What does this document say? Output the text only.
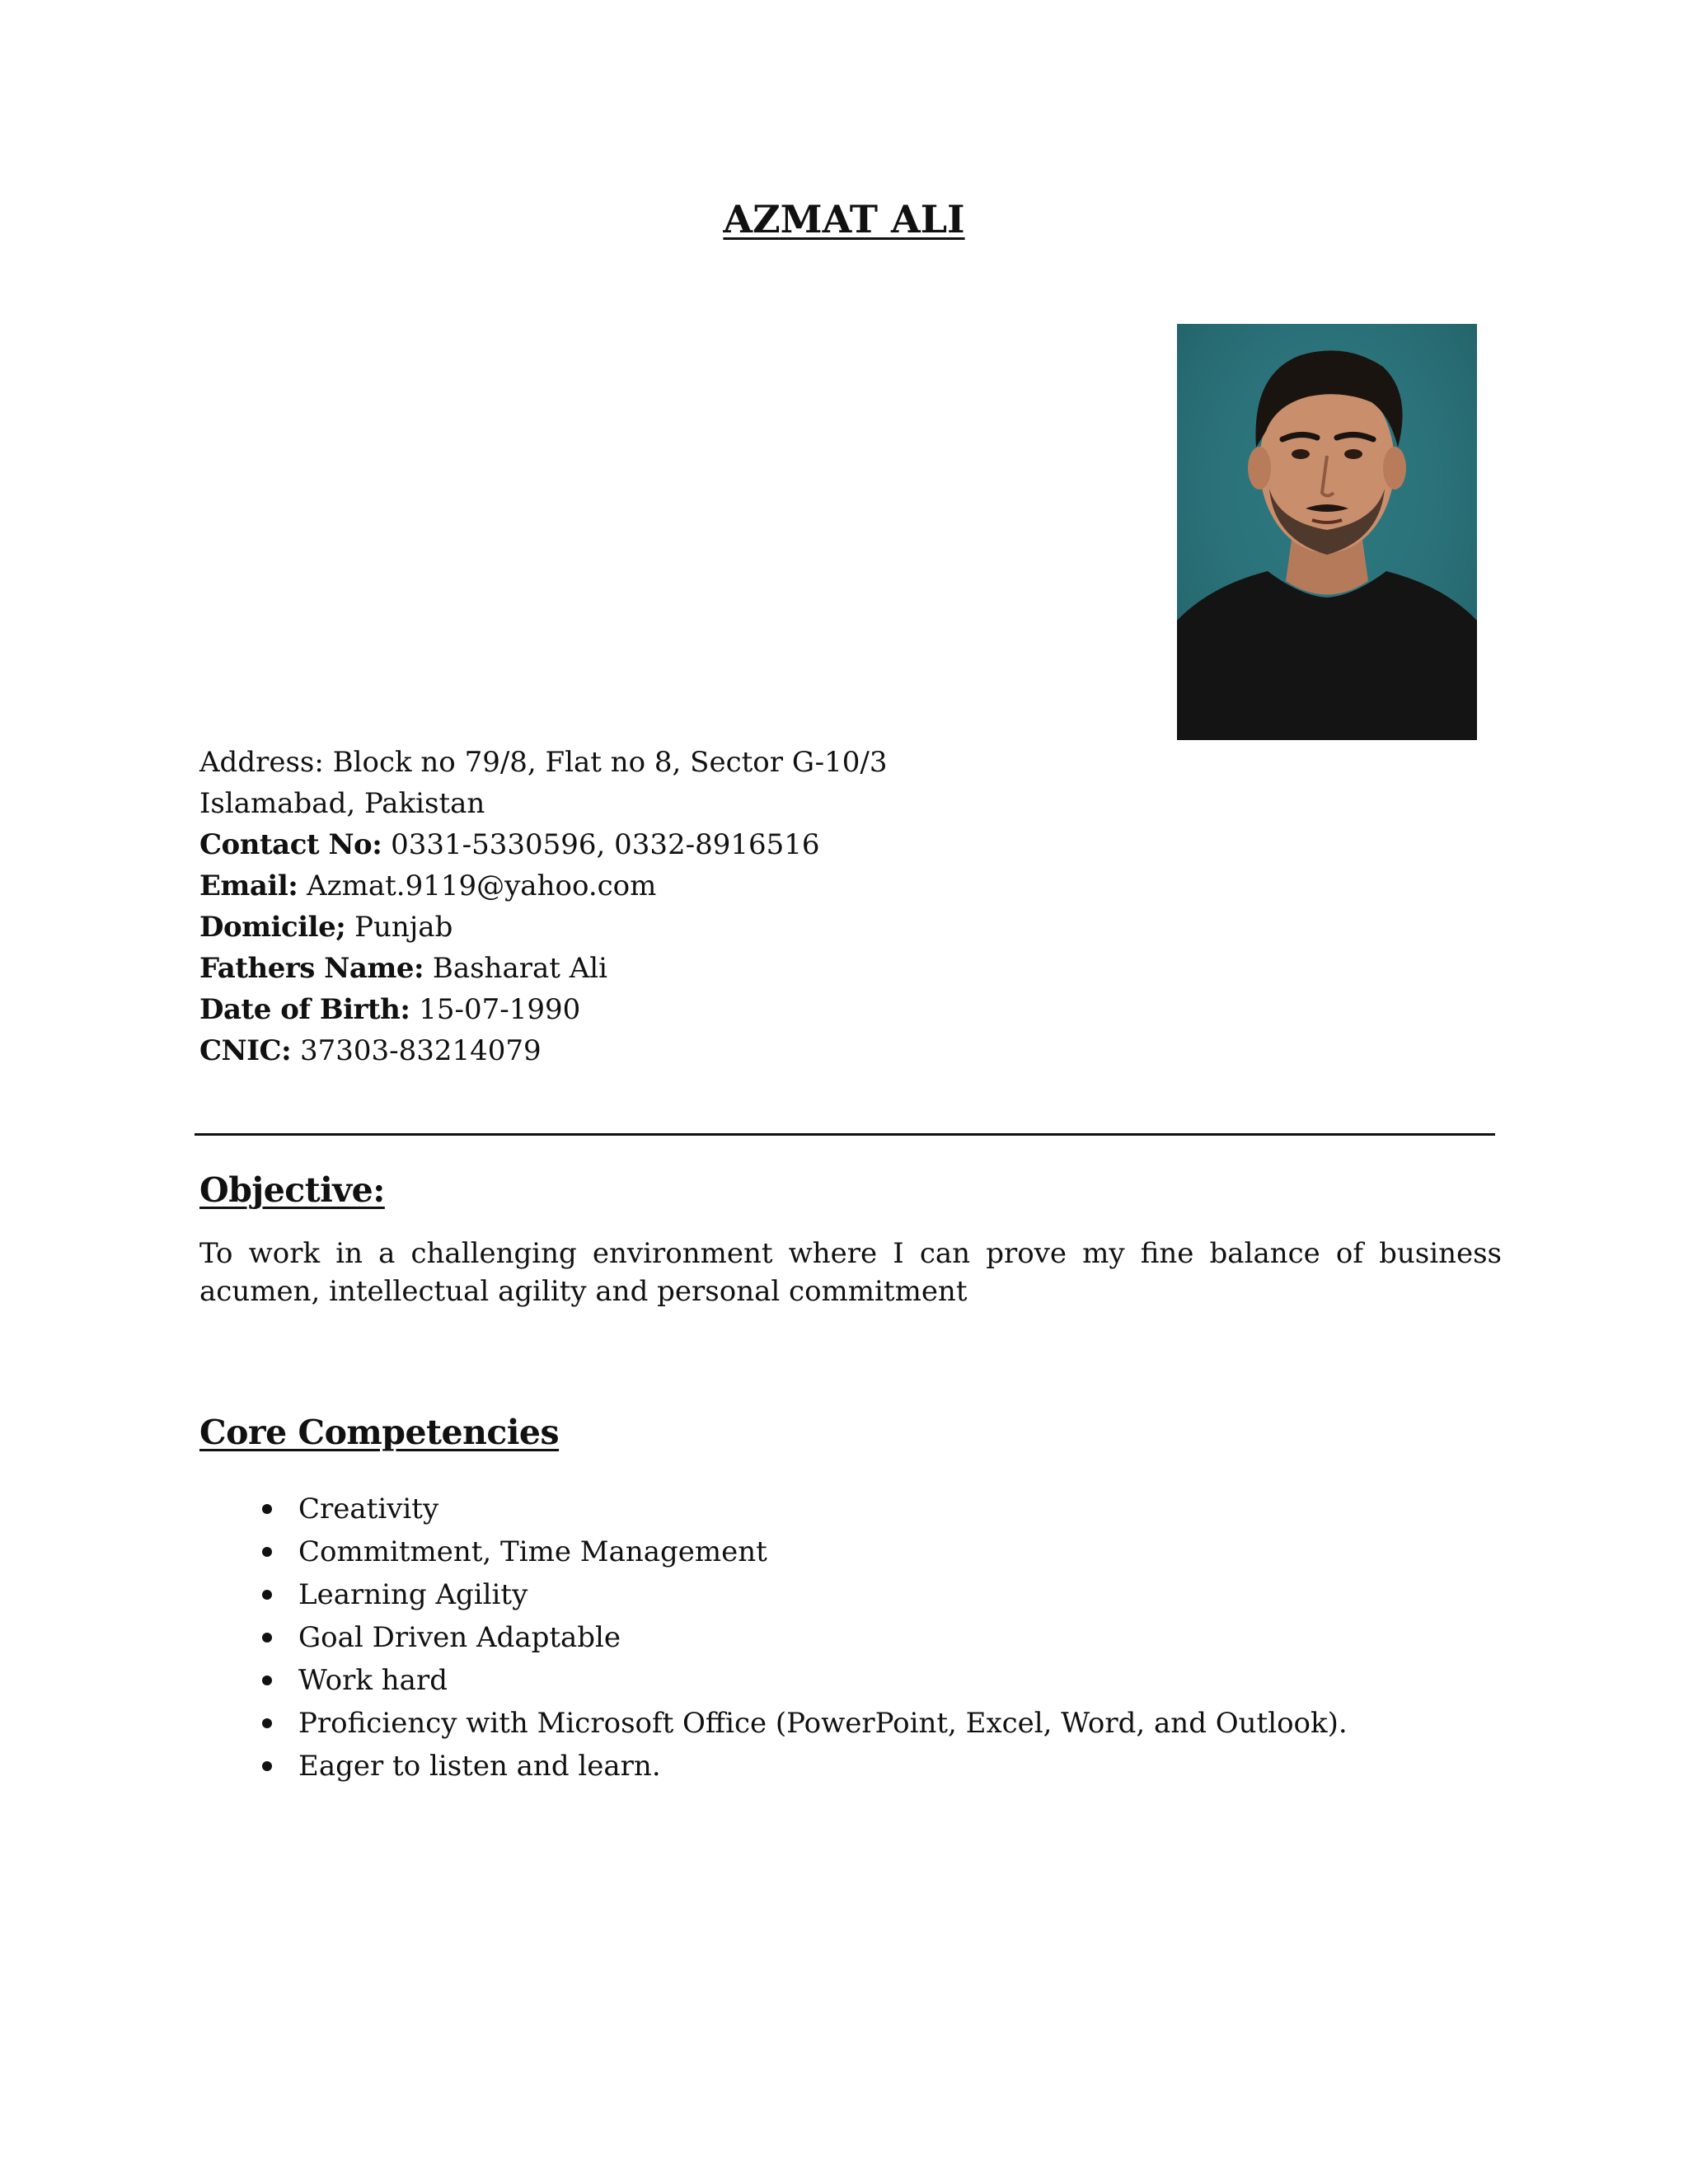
AZMAT ALI
Address: Block no 79/8, Flat no 8, Sector G-10/3
Islamabad, Pakistan
Contact No: 0331-5330596, 0332-8916516
Email: Azmat.9119@yahoo.com
Domicile; Punjab
Fathers Name: Basharat Ali
Date of Birth: 15-07-1990
CNIC: 37303-83214079
Objective:

To work in a challenging environment where I can prove my fine balance of business acumen, intellectual agility and personal commitment

Core Competencies
Creativity
Commitment, Time Management
Learning Agility
Goal Driven Adaptable
Work hard
Proficiency with Microsoft Office (PowerPoint, Excel, Word, and Outlook).
Eager to listen and learn.
